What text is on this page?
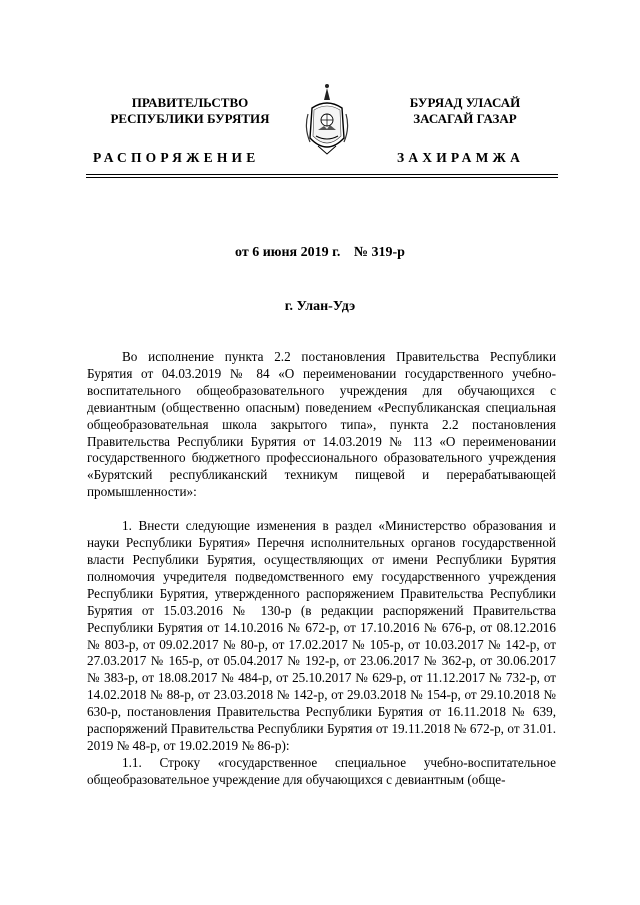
ПРАВИТЕЛЬСТВО
РЕСПУБЛИКИ БУРЯТИЯ
БУРЯАД УЛАСАЙ
ЗАСАГАЙ ГАЗАР
РАСПОРЯЖЕНИЕ	ЗАХИРАМЖА
от 6 июня 2019 г. № 319-р
г. Улан-Удэ

Во исполнение пункта 2.2 постановления Правительства Республики Бурятия от 04.03.2019 № 84 «О переименовании государственного учебно-воспитательного общеобразовательного учреждения для обучающихся с девиантным (общественно опасным) поведением «Республиканская специальная общеобразовательная школа закрытого типа», пункта 2.2 постановления Правительства Республики Бурятия от 14.03.2019 № 113 «О переименовании государственного бюджетного профессионального образовательного учреждения «Бурятский республиканский техникум пищевой и перерабатывающей промышленности»:

1. Внести следующие изменения в раздел «Министерство образования и науки Республики Бурятия» Перечня исполнительных органов государственной власти Республики Бурятия, осуществляющих от имени Республики Бурятия полномочия учредителя подведомственного ему государственного учреждения Республики Бурятия, утвержденного распоряжением Правительства Республики Бурятия от 15.03.2016 № 130-р (в редакции распоряжений Правительства Республики Бурятия от 14.10.2016 № 672-р, от 17.10.2016 № 676-р, от 08.12.2016 № 803-р, от 09.02.2017 № 80-р, от 17.02.2017 № 105-р, от 10.03.2017 № 142-р, от 27.03.2017 № 165-р, от 05.04.2017 № 192-р, от 23.06.2017 № 362-р, от 30.06.2017 № 383-р, от 18.08.2017 № 484-р, от 25.10.2017 № 629-р, от 11.12.2017 № 732-р, от 14.02.2018 № 88-р, от 23.03.2018 № 142-р, от 29.03.2018 № 154-р, от 29.10.2018 № 630-р, постановления Правительства Республики Бурятия от 16.11.2018 № 639, распоряжений Правительства Республики Бурятия от 19.11.2018 № 672-р, от 31.01. 2019 № 48-р, от 19.02.2019 № 86-р):

1.1. Строку «государственное специальное учебно-воспитательное общеобразовательное учреждение для обучающихся с девиантным (обще-
